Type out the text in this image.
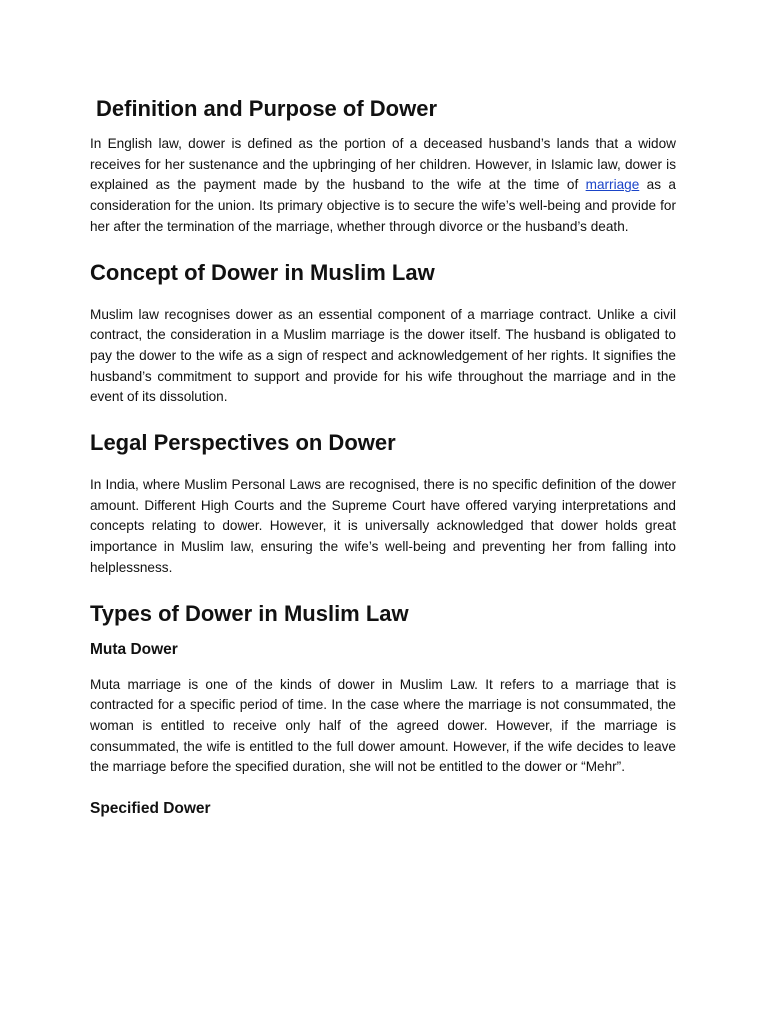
Definition and Purpose of Dower

In English law, dower is defined as the portion of a deceased husband’s lands that a widow receives for her sustenance and the upbringing of her children. However, in Islamic law, dower is explained as the payment made by the husband to the wife at the time of marriage as a consideration for the union. Its primary objective is to secure the wife’s well-being and provide for her after the termination of the marriage, whether through divorce or the husband’s death.

Concept of Dower in Muslim Law

Muslim law recognises dower as an essential component of a marriage contract. Unlike a civil contract, the consideration in a Muslim marriage is the dower itself. The husband is obligated to pay the dower to the wife as a sign of respect and acknowledgement of her rights. It signifies the husband’s commitment to support and provide for his wife throughout the marriage and in the event of its dissolution.

Legal Perspectives on Dower

In India, where Muslim Personal Laws are recognised, there is no specific definition of the dower amount. Different High Courts and the Supreme Court have offered varying interpretations and concepts relating to dower. However, it is universally acknowledged that dower holds great importance in Muslim law, ensuring the wife’s well-being and preventing her from falling into helplessness.

Types of Dower in Muslim Law
Muta Dower

Muta marriage is one of the kinds of dower in Muslim Law. It refers to a marriage that is contracted for a specific period of time. In the case where the marriage is not consummated, the woman is entitled to receive only half of the agreed dower. However, if the marriage is consummated, the wife is entitled to the full dower amount. However, if the wife decides to leave the marriage before the specified duration, she will not be entitled to the dower or “Mehr”.

Specified Dower
